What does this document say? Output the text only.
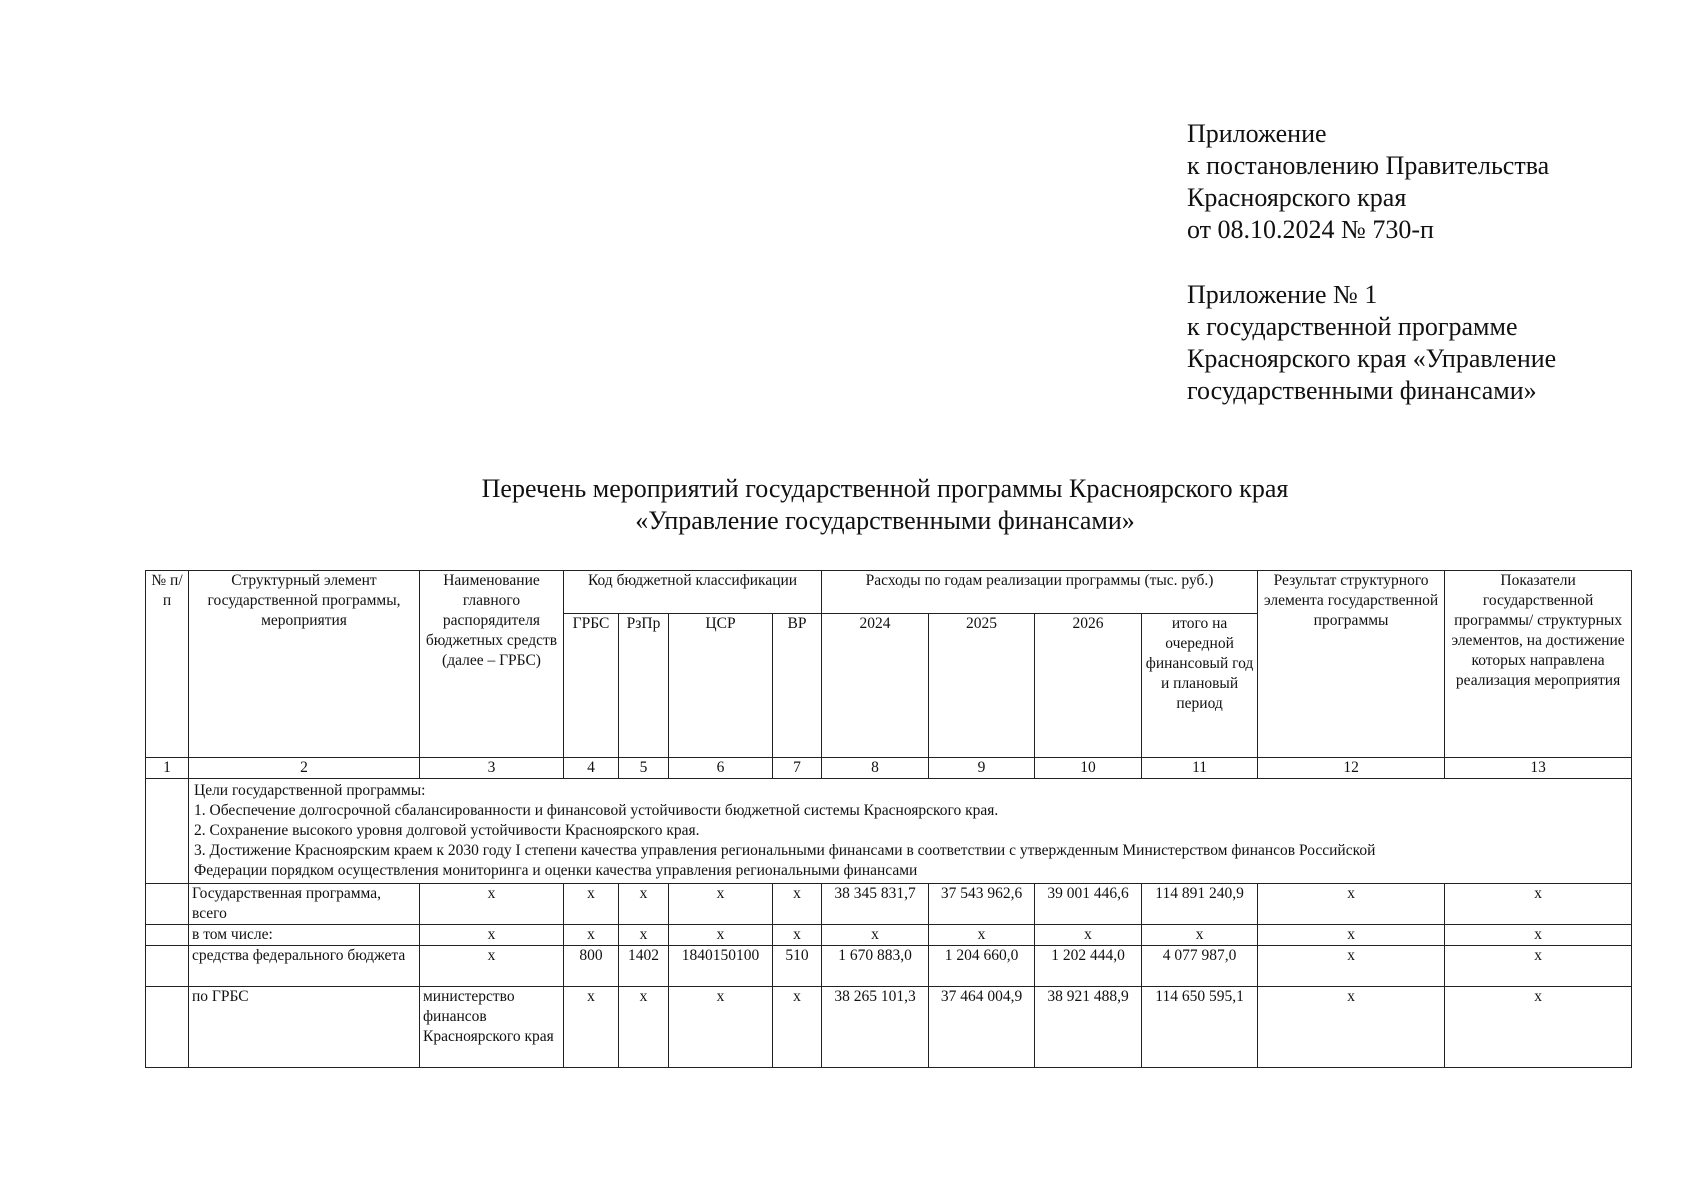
Приложение
к постановлению Правительства
Красноярского края
от 08.10.2024 № 730-п
Приложение № 1
к государственной программе
Красноярского края «Управление
государственными финансами»
Перечень мероприятий государственной программы Красноярского края
«Управление государственными финансами»
№ п/п	Структурный элемент государственной программы, мероприятия	Наименование главного распорядителя бюджетных средств (далее – ГРБС)	Код бюджетной классификации				Расходы по годам реализации программы (тыс. руб.)				Результат структурного элемента государственной программы	Показатели государственной программы/ структурных элементов, на достижение которых направлена реализация мероприятия
			ГРБС	РзПр	ЦСР	ВР	2024	2025	2026	итого на очередной финансовый год и плановый период		
1	2	3	4	5	6	7	8	9	10	11	12	13

	Цели государственной программы:
1. Обеспечение долгосрочной сбалансированности и финансовой устойчивости бюджетной системы Красноярского края.
2. Сохранение высокого уровня долговой устойчивости Красноярского края.
3. Достижение Красноярским краем к 2030 году I степени качества управления региональными финансами в соответствии с утвержденным Министерством финансов Российской
Федерации порядком осуществления мониторинга и оценки качества управления региональными финансами											

	Государственная программа, всего	х	х	х	х	х	38 345 831,7	37 543 962,6	39 001 446,6	114 891 240,9	х	х
	в том числе:	х	х	х	х	х	х	х	х	х	х	х
	средства федерального бюджета	х	800	1402	1840150100	510	1 670 883,0	1 204 660,0	1 202 444,0	4 077 987,0	х	х
	по ГРБС	министерство финансов Красноярского края	х	х	х	х	38 265 101,3	37 464 004,9	38 921 488,9	114 650 595,1	х	х
